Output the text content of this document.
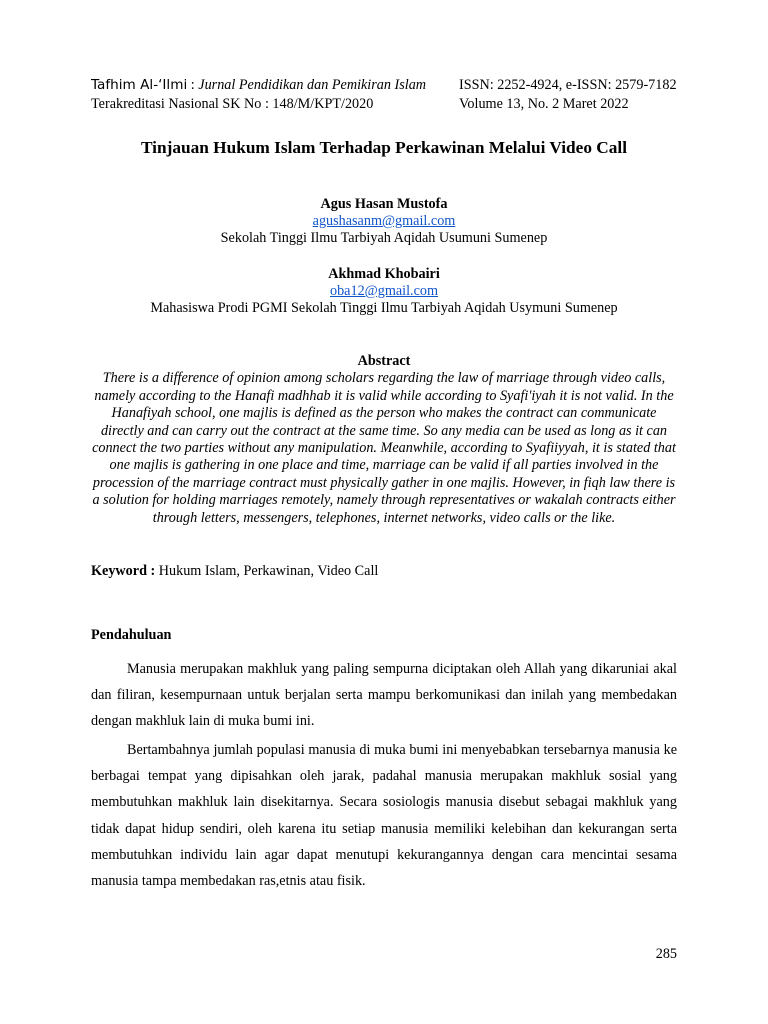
Tafhim Al-‘Ilmi : Jurnal Pendidikan dan Pemikiran Islam ISSN: 2252-4924, e-ISSN: 2579-7182
Terakreditasi Nasional SK No : 148/M/KPT/2020	Volume 13, No. 2 Maret 2022
Tinjauan Hukum Islam Terhadap Perkawinan Melalui Video Call
Agus Hasan Mustofa
agushasanm@gmail.com
Sekolah Tinggi Ilmu Tarbiyah Aqidah Usumuni Sumenep
Akhmad Khobairi
oba12@gmail.com
Mahasiswa Prodi PGMI Sekolah Tinggi Ilmu Tarbiyah Aqidah Usymuni Sumenep
Abstract

There is a difference of opinion among scholars regarding the law of marriage through video calls, namely according to the Hanafi madhhab it is valid while according to Syafi'iyah it is not valid. In the Hanafiyah school, one majlis is defined as the person who makes the contract can communicate directly and can carry out the contract at the same time. So any media can be used as long as it can connect the two parties without any manipulation. Meanwhile, according to Syafiiyyah, it is stated that one majlis is gathering in one place and time, marriage can be valid if all parties involved in the procession of the marriage contract must physically gather in one majlis. However, in fiqh law there is a solution for holding marriages remotely, namely through representatives or wakalah contracts either through letters, messengers, telephones, internet networks, video calls or the like.

Keyword : Hukum Islam, Perkawinan, Video Call
Pendahuluan

Manusia merupakan makhluk yang paling sempurna diciptakan oleh Allah yang dikaruniai akal dan filiran, kesempurnaan untuk berjalan serta mampu berkomunikasi dan inilah yang membedakan dengan makhluk lain di muka bumi ini.

Bertambahnya jumlah populasi manusia di muka bumi ini menyebabkan tersebarnya manusia ke berbagai tempat yang dipisahkan oleh jarak, padahal manusia merupakan makhluk sosial yang membutuhkan makhluk lain disekitarnya. Secara sosiologis manusia disebut sebagai makhluk yang tidak dapat hidup sendiri, oleh karena itu setiap manusia memiliki kelebihan dan kekurangan serta membutuhkan individu lain agar dapat menutupi kekurangannya dengan cara mencintai sesama manusia tampa membedakan ras,etnis atau fisik.

285
